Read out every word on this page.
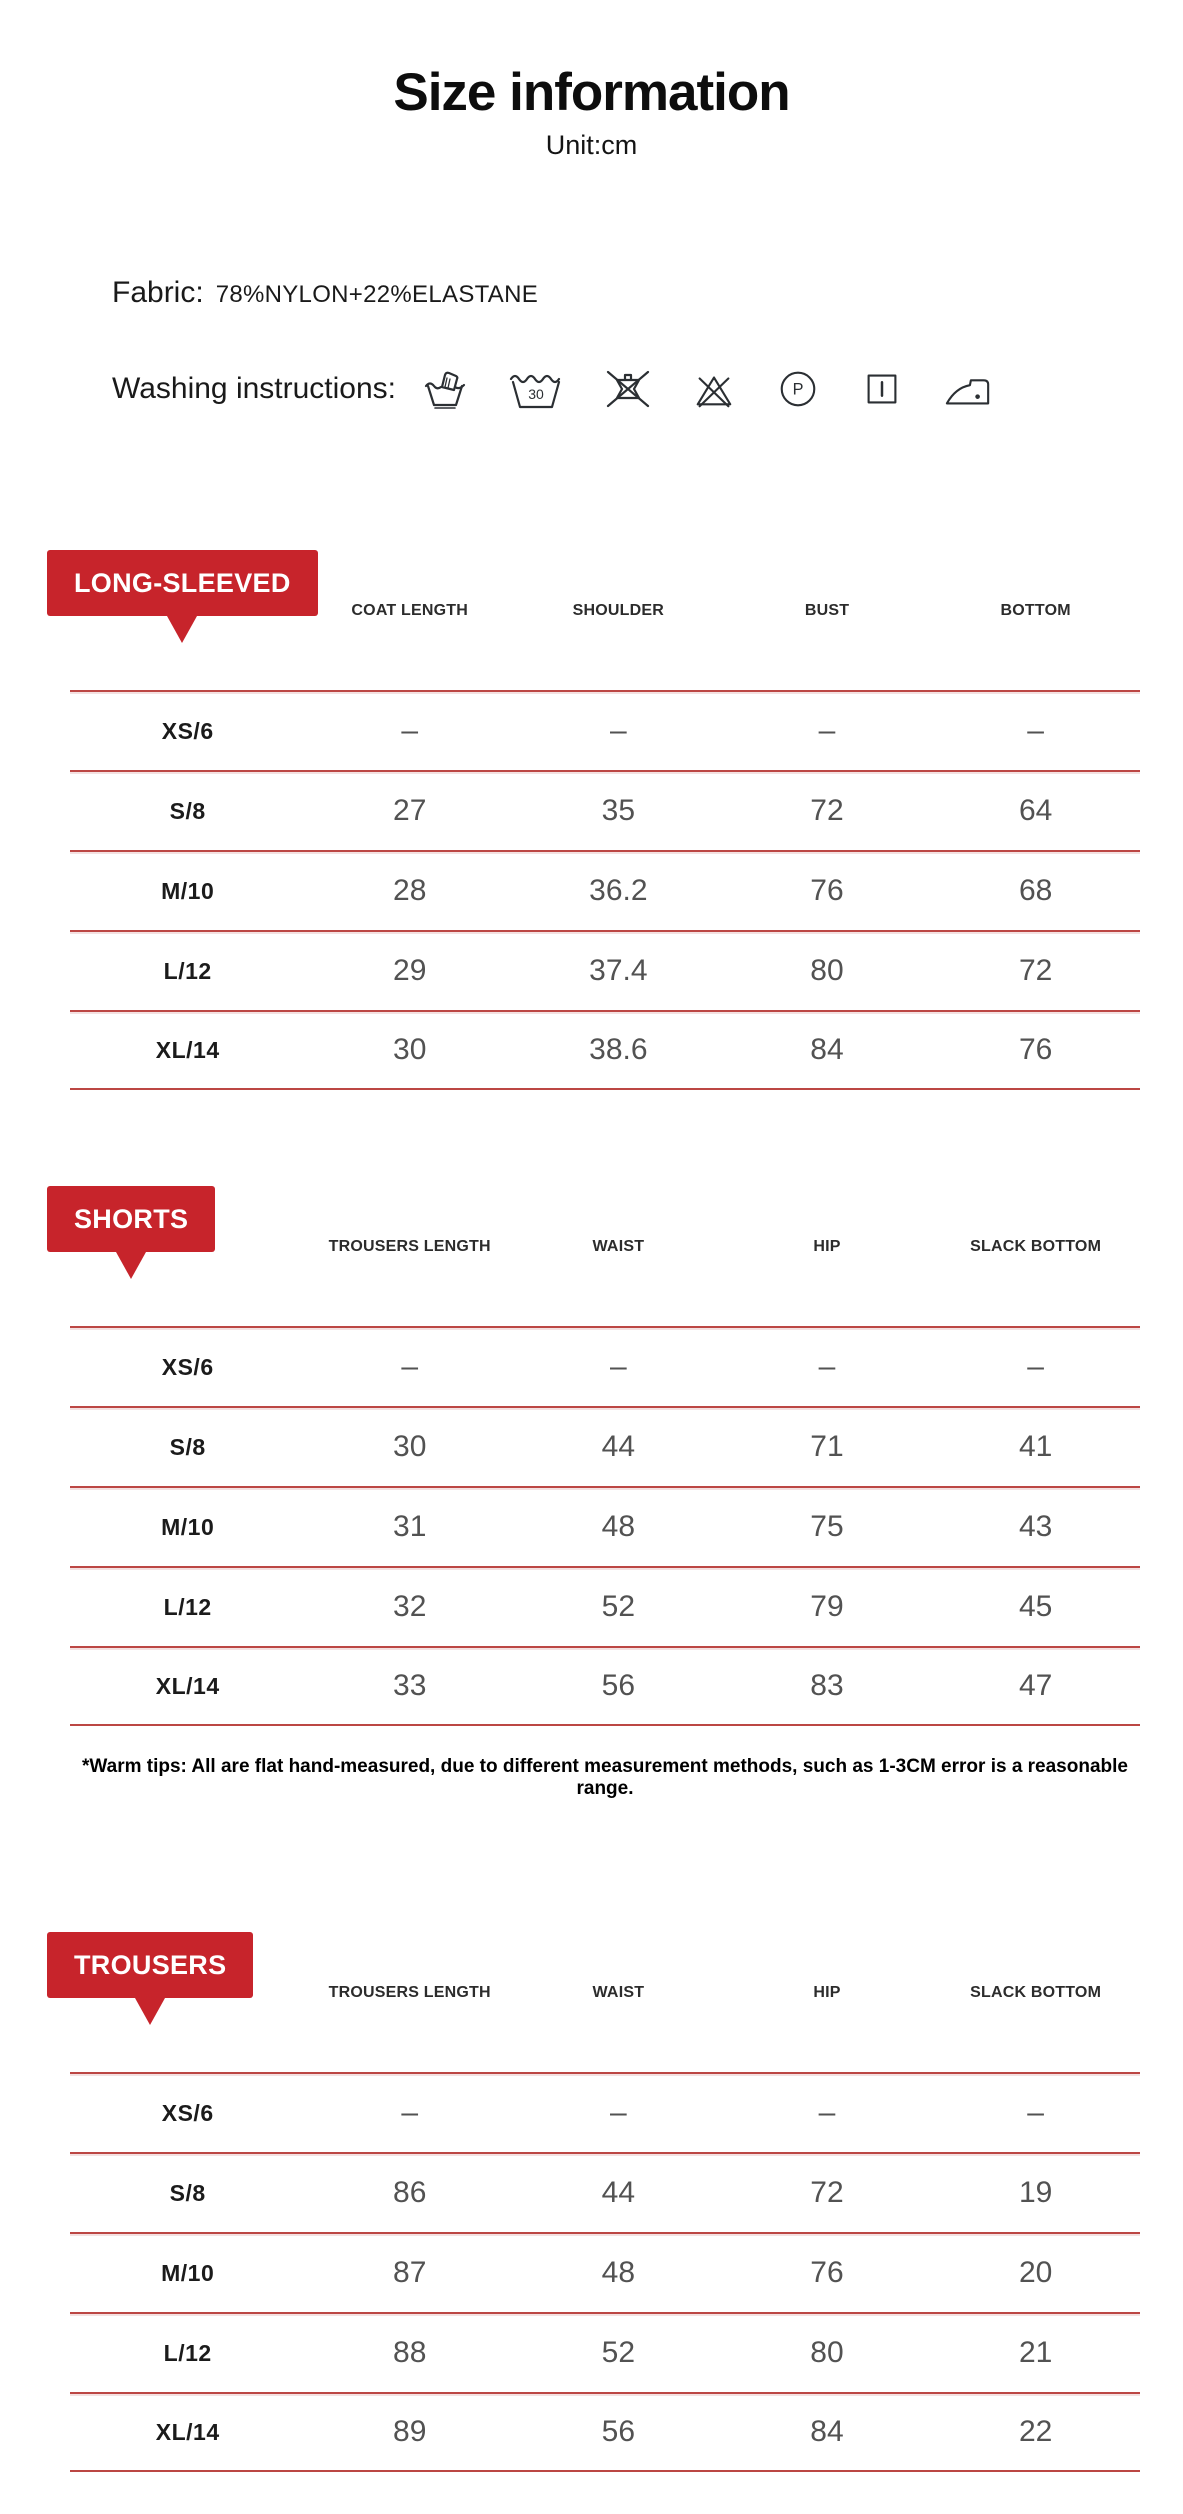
Size information
Unit:cm
Fabric: 78%NYLON+22%ELASTANE
Washing instructions:	30	P
LONG-SLEEVED
COAT LENGTH	SHOULDER	BUST	BOTTOM
XS/6	–	–	–	–
S/8	27	35	72	64
M/10	28	36.2	76	68
L/12	29	37.4	80	72
XL/14	30	38.6	84	76
SHORTS
TROUSERS LENGTH	WAIST	HIP	SLACK BOTTOM
XS/6	–	–	–	–
S/8	30	44	71	41
M/10	31	48	75	43
L/12	32	52	79	45
XL/14	33	56	83	47
*Warm tips: All are flat hand-measured, due to different measurement methods, such as 1-3CM error is a reasonable range.
TROUSERS
TROUSERS LENGTH	WAIST	HIP	SLACK BOTTOM
XS/6	–	–	–	–
S/8	86	44	72	19
M/10	87	48	76	20
L/12	88	52	80	21
XL/14	89	56	84	22
